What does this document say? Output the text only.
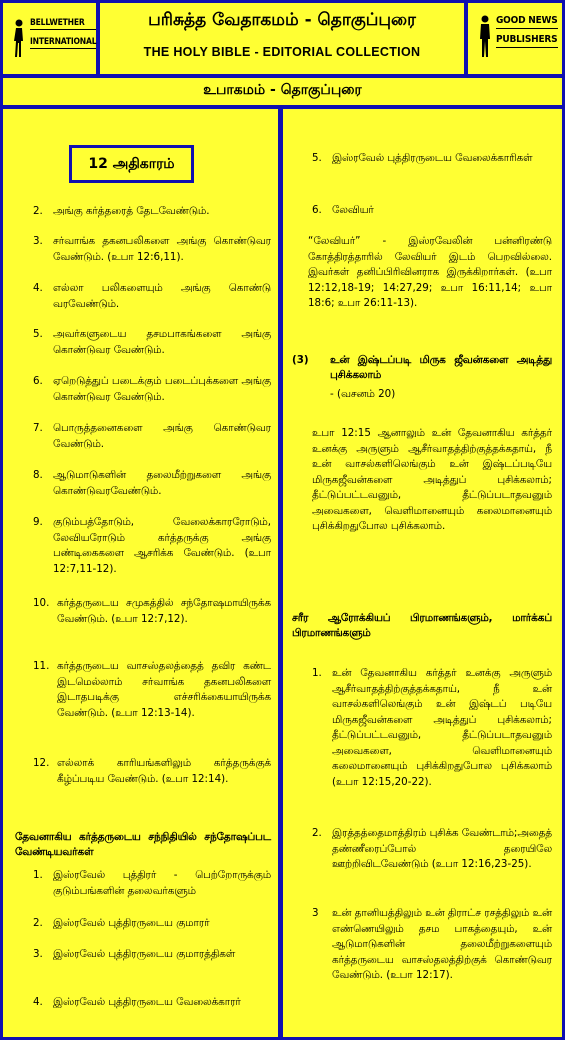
BELLWETHER
INTERNATIONAL
பரிசுத்த வேதாகமம் - தொகுப்புரை
THE HOLY BIBLE - EDITORIAL COLLECTION
GOOD NEWS
PUBLISHERS
உபாகமம் - தொகுப்புரை
12 அதிகாரம்
2. அங்கு கர்த்தரைத் தேடவேண்டும்.
3. சர்வாங்க தகனபலிகளை அங்கு கொண்டுவர வேண்டும். (உபா 12:6,11).
4. எல்லா பலிகளையும் அங்கு கொண்டு வரவேண்டும்.
5. அவர்களுடைய தசமபாகங்களை அங்கு கொண்டுவர வேண்டும்.
6. ஏறெடுத்துப் படைக்கும் படைப்புக்களை அங்கு கொண்டுவர வேண்டும்.
7. பொருத்தனைகளை அங்கு கொண்டுவர வேண்டும்.
8. ஆடுமாடுகளின் தலைமீற்றுகளை அங்கு கொண்டுவரவேண்டும்.
9. குடும்பத்தோடும், வேலைக்காரரோடும், லேவியரோடும் கர்த்தருக்கு அங்கு பண்டிகைகளை ஆசரிக்க வேண்டும். (உபா 12:7,11-12).
10. கர்த்தருடைய சமுகத்தில் சந்தோஷமாயிருக்க வேண்டும். (உபா 12:7,12).
11. கர்த்தருடைய வாசஸ்தலத்தைத் தவிர கண்ட இடமெல்லாம் சர்வாங்க தகனபலிகளை இடாதபடிக்கு எச்சரிக்கையாயிருக்க வேண்டும். (உபா 12:13-14).
12. எல்லாக் காரியங்களிலும் கர்த்தருக்குக் கீழ்ப்படிய வேண்டும். (உபா 12:14).
தேவனாகிய கர்த்தருடைய சந்நிதியில் சந்தோஷப்பட வேண்டியவர்கள்
1. இஸ்ரவேல் புத்திரர் - பெற்றோருக்கும் குடும்பங்களின் தலைவர்களும்
2. இஸ்ரவேல் புத்திரருடைய குமாரர்
3. இஸ்ரவேல் புத்திரருடைய குமாரத்திகள்
4. இஸ்ரவேல் புத்திரருடைய வேலைக்காரர்
5. இஸ்ரவேல் புத்திரருடைய வேலைக்காரிகள்
6. லேவியர்
“லேவியர்” - இஸ்ரவேலின் பன்னிரண்டு கோத்திரத்தாரில் லேவியர் இடம் பெறவில்லை. இவர்கள் தனிப்பிரிவினராக இருக்கிறார்கள். (உபா 12:12,18-19; 14:27,29; உபா 16:11,14; உபா 18:6; உபா 26:11-13).
(3) உன் இஷ்டப்படி மிருக ஜீவன்களை அடித்து புசிக்கலாம்
- (வசனம் 20)
உபா 12:15 ஆனாலும் உன் தேவனாகிய கர்த்தர் உனக்கு அருளும் ஆசீர்வாதத்திற்குத்தக்கதாய், நீ உன் வாசல்களிலெங்கும் உன் இஷ்டப்படியே மிருகஜீவன்களை அடித்துப் புசிக்கலாம்; தீட்டுப்பட்டவனும், தீட்டுப்படாதவனும் அவைகளை, வெளிமானையும் கலைமானையும் புசிக்கிறதுபோல புசிக்கலாம்.
சரீர ஆரோக்கியப் பிரமாணங்களும், மார்க்கப் பிரமாணங்களும்
1. உன் தேவனாகிய கர்த்தர் உனக்கு அருளும் ஆசீர்வாதத்திற்குத்தக்கதாய், நீ உன் வாசல்களிலெங்கும் உன் இஷ்டப் படியே மிருகஜீவன்களை அடித்துப் புசிக்கலாம்; தீட்டுப்பட்டவனும், தீட்டுப்படாதவனும் அவைகளை, வெளிமானையும் கலைமானையும் புசிக்கிறதுபோல புசிக்கலாம் (உபா 12:15,20-22).
2. இரத்தத்தைமாத்திரம் புசிக்க வேண்டாம்;அதைத் தண்ணீரைப்போல் தரையிலே ஊற்றிவிடவேண்டும் (உபா 12:16,23-25).
3 உன் தானியத்திலும் உன் திராட்ச ரசத்திலும் உன் எண்ணெயிலும் தசம பாகத்தையும், உன் ஆடுமாடுகளின் தலைமீற்றுகளையும் கர்த்தருடைய வாசஸ்தலத்திற்குக் கொண்டுவர வேண்டும். (உபா 12:17).
